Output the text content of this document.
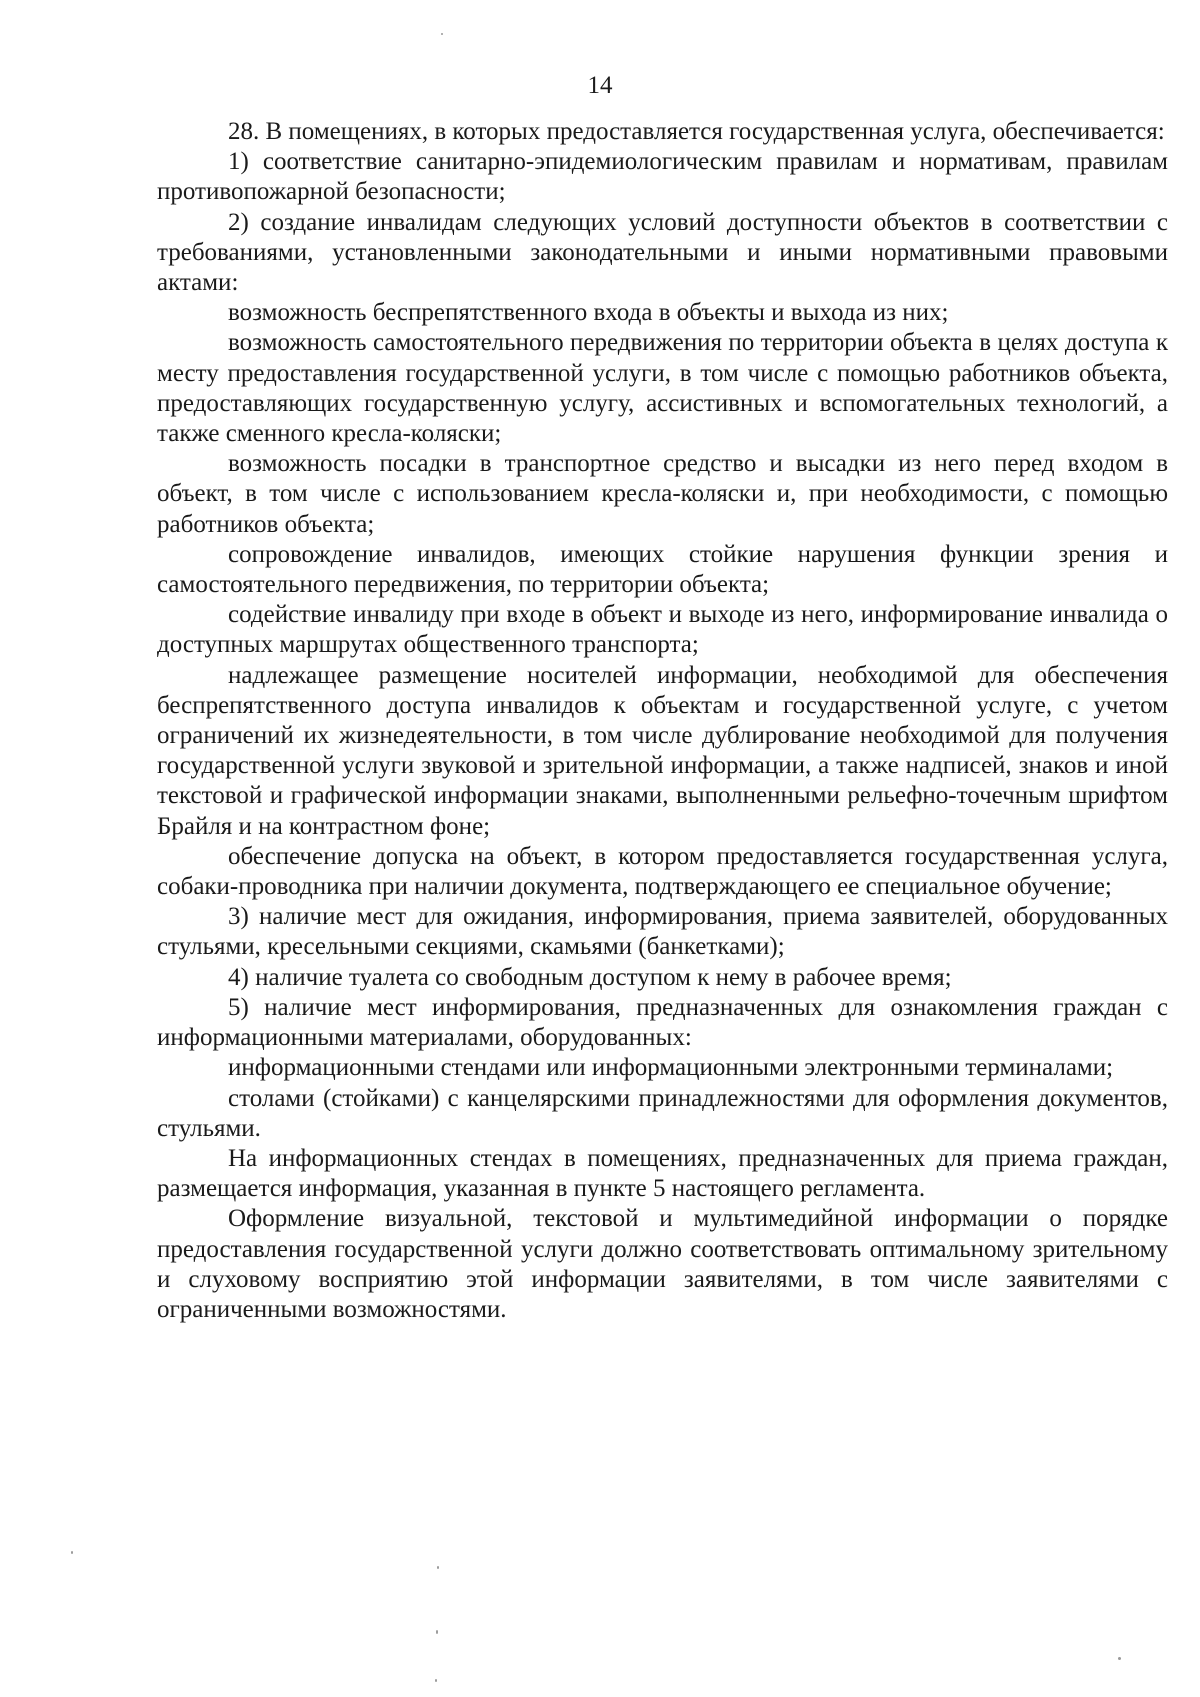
14

28. В помещениях, в которых предоставляется государственная услуга, обеспечивается:

1) соответствие санитарно-эпидемиологическим правилам и нормативам, правилам противопожарной безопасности;

2) создание инвалидам следующих условий доступности объектов в соответствии с требованиями, установленными законодательными и иными нормативными правовыми актами:

возможность беспрепятственного входа в объекты и выхода из них;

возможность самостоятельного передвижения по территории объекта в целях доступа к месту предоставления государственной услуги, в том числе с помощью работников объекта, предоставляющих государственную услугу, ассистивных и вспомогательных технологий, а также сменного кресла-коляски;

возможность посадки в транспортное средство и высадки из него перед входом в объект, в том числе с использованием кресла-коляски и, при необходимости, с помощью работников объекта;

сопровождение инвалидов, имеющих стойкие нарушения функции зрения и самостоятельного передвижения, по территории объекта;

содействие инвалиду при входе в объект и выходе из него, информирование инвалида о доступных маршрутах общественного транспорта;

надлежащее размещение носителей информации, необходимой для обеспечения беспрепятственного доступа инвалидов к объектам и государственной услуге, с учетом ограничений их жизнедеятельности, в том числе дублирование необходимой для получения государственной услуги звуковой и зрительной информации, а также надписей, знаков и иной текстовой и графической информации знаками, выполненными рельефно-точечным шрифтом Брайля и на контрастном фоне;

обеспечение допуска на объект, в котором предоставляется государственная услуга, собаки-проводника при наличии документа, подтверждающего ее специальное обучение;

3) наличие мест для ожидания, информирования, приема заявителей, оборудованных стульями, кресельными секциями, скамьями (банкетками);

4) наличие туалета со свободным доступом к нему в рабочее время;

5) наличие мест информирования, предназначенных для ознакомления граждан с информационными материалами, оборудованных:

информационными стендами или информационными электронными терминалами;

столами (стойками) с канцелярскими принадлежностями для оформления документов, стульями.

На информационных стендах в помещениях, предназначенных для приема граждан, размещается информация, указанная в пункте 5 настоящего регламента.

Оформление визуальной, текстовой и мультимедийной информации о порядке предоставления государственной услуги должно соответствовать оптимальному зрительному и слуховому восприятию этой информации заявителями, в том числе заявителями с ограниченными возможностями.
